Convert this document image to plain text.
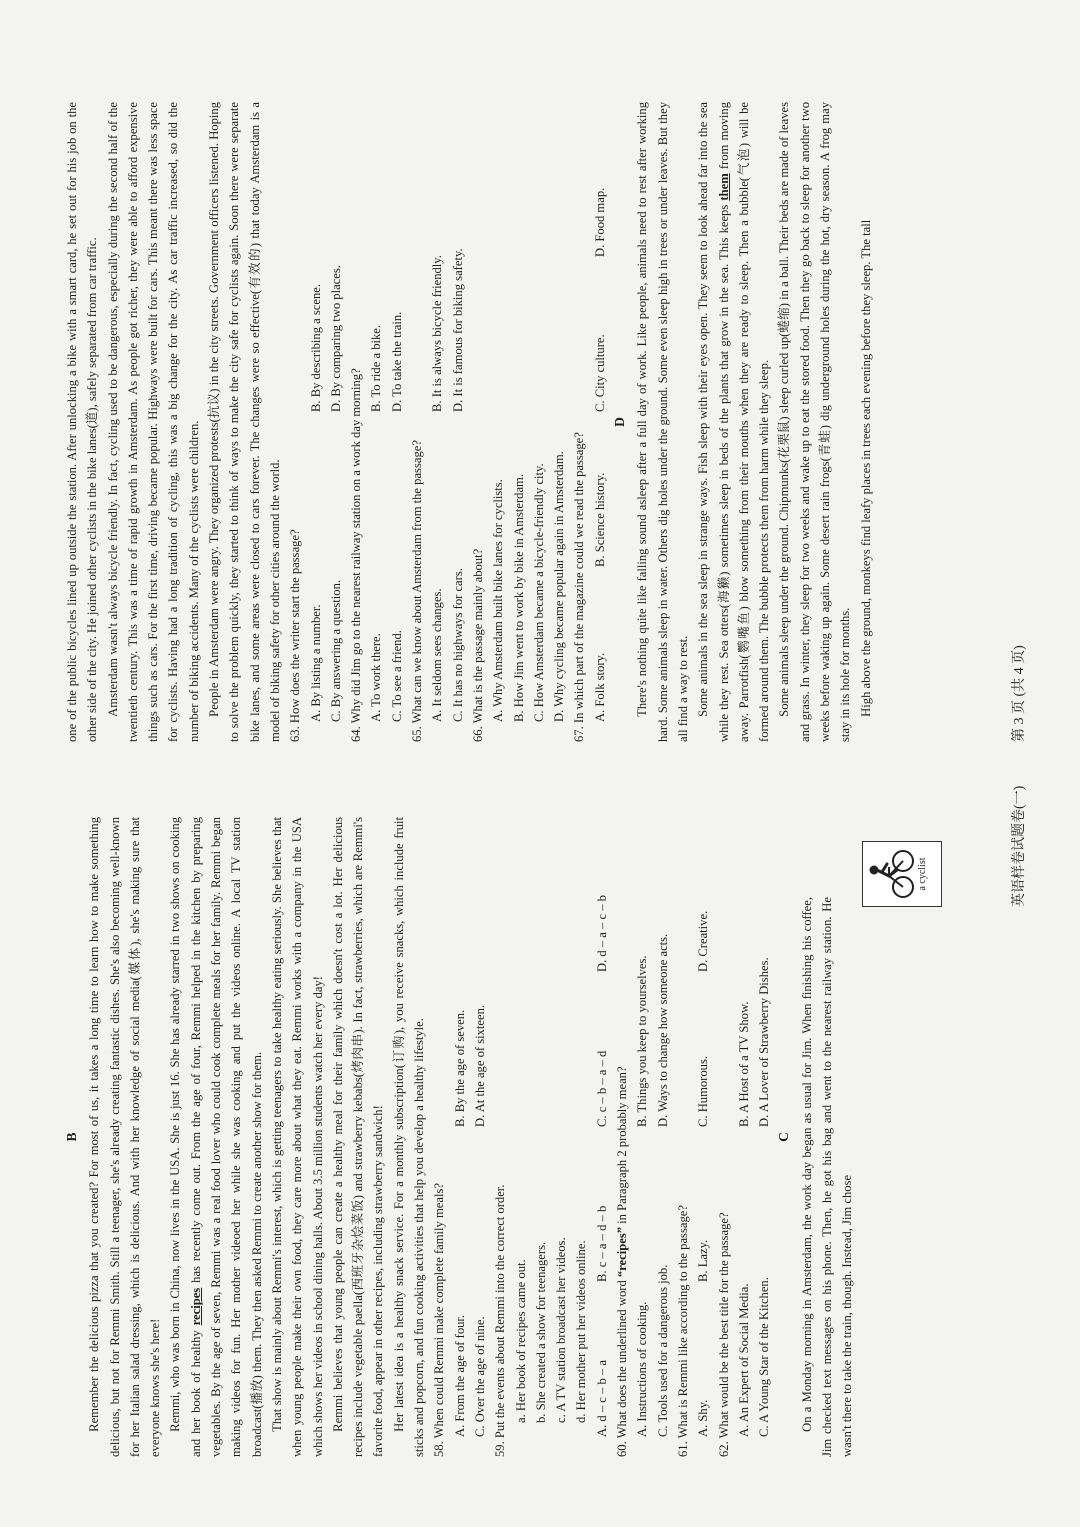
B Remember the delicious pizza that you created? For most of us, it takes a long time to learn how to make something delicious, but not for Remmi Smith. Still a teenager, she's already creating fantastic dishes. She's also becoming well-known for her Italian salad dressing, which is delicious. And with her knowledge of social media(媒体), she's making sure that everyone knows she's here! Remmi, who was born in China, now lives in the USA. She is just 16. She has already starred in two shows on cooking and her book of healthy recipes has recently come out. From the age of four, Remmi helped in the kitchen by preparing vegetables. By the age of seven, Remmi was a real food lover who could cook complete meals for her family. Remmi began making videos for fun. Her mother videoed her while she was cooking and put the videos online. A local TV station broadcast(播放) them. They then asked Remmi to create another show for them. That show is mainly about Remmi's interest, which is getting teenagers to take healthy eating seriously. She believes that when young people make their own food, they care more about what they eat. Remmi works with a company in the USA which shows her videos in school dining halls. About 3.5 million students watch her every day! Remmi believes that young people can create a healthy meal for their family which doesn't cost a lot. Her delicious recipes include vegetable paella(西班牙杂烩菜饭) and strawberry kebabs(烤肉串). In fact, strawberries, which are Remmi's favorite food, appear in other recipes, including strawberry sandwich! Her latest idea is a healthy snack service. For a monthly subscription(订购), you receive snacks, which include fruit sticks and popcorn, and fun cooking activities that help you develop a healthy lifestyle. 58. When could Remmi make complete family meals? A. From the age of four.
B. By the age of seven.
C. Over the age of nine.
D. At the age of sixteen.

59. Put the events about Remmi into the correct order. a. Her book of recipes came out. b. She created a show for teenagers. c. A TV station broadcast her videos. d. Her mother put her videos online. A. d – c – b – a
B. c – a – d – b
C. c – b – a – d
D. d – a – c – b

60. What does the underlined word “recipes” in Paragraph 2 probably mean?

A. Instructions of cooking.
B. Things you keep to yourselves.
C. Tools used for a dangerous job.
D. Ways to change how someone acts.

61. What is Remmi like according to the passage? A. Shy.
B. Lazy.
C. Humorous.
D. Creative.

62. What would be the best title for the passage? A. An Expert of Social Media.
B. A Host of a TV Show.
C. A Young Star of the Kitchen.
D. A Lover of Strawberry Dishes.
C On a Monday morning in Amsterdam, the work day began as usual for Jim. When finishing his coffee, Jim checked text messages on his phone. Then, he got his bag and went to the nearest railway station. He wasn't there to take the train, though. Instead, Jim chose

a cyclist

one of the public bicycles lined up outside the station. After unlocking a bike with a smart card, he set out for his job on the other side of the city. He joined other cyclists in the bike lanes(道), safely separated from car traffic. Amsterdam wasn't always bicycle friendly. In fact, cycling used to be dangerous, especially during the second half of the twentieth century. This was a time of rapid growth in Amsterdam. As people got richer, they were able to afford expensive things such as cars. For the first time, driving became popular. Highways were built for cars. This meant there was less space for cyclists. Having had a long tradition of cycling, this was a big change for the city. As car traffic increased, so did the number of biking accidents. Many of the cyclists were children. People in Amsterdam were angry. They organized protests(抗议) in the city streets. Government officers listened. Hoping to solve the problem quickly, they started to think of ways to make the city safe for cyclists again. Soon there were separate bike lanes, and some areas were closed to cars forever. The changes were so effective(有效的) that today Amsterdam is a model of biking safety for other cities around the world. 63. How does the writer start the passage? A. By listing a number.
B. By describing a scene.
C. By answering a question.
D. By comparing two places.

64. Why did Jim go to the nearest railway station on a work day morning? A. To work there.
B. To ride a bike.
C. To see a friend.
D. To take the train.

65. What can we know about Amsterdam from the passage? A. It seldom sees changes.
B. It is always bicycle friendly.
C. It has no highways for cars.
D. It is famous for biking safety.

66. What is the passage mainly about? A. Why Amsterdam built bike lanes for cyclists. B. How Jim went to work by bike in Amsterdam. C. How Amsterdam became a bicycle-friendly city. D. Why cycling became popular again in Amsterdam. 67. In which part of the magazine could we read the passage? A. Folk story.
B. Science history.
C. City culture.
D. Food map.
D There's nothing quite like falling sound asleep after a full day of work. Like people, animals need to rest after working hard. Some animals sleep in water. Others dig holes under the ground. Some even sleep high in trees or under leaves. But they all find a way to rest. Some animals in the sea sleep in strange ways. Fish sleep with their eyes open. They seem to look ahead far into the sea while they rest. Sea otters(海獭) sometimes sleep in beds of the plants that grow in the sea. This keeps them from moving away. Parrotfish(鹦嘴鱼) blow something from their mouths when they are ready to sleep. Then a bubble(气泡) will be formed around them. The bubble protects them from harm while they sleep. Some animals sleep under the ground. Chipmunks(花栗鼠) sleep curled up(蜷缩) in a ball. Their beds are made of leaves and grass. In winter, they sleep for two weeks and wake up to eat the stored food. Then they go back to sleep for another two weeks before waking up again. Some desert rain frogs(青蛙) dig underground holes during the hot, dry season. A frog may stay in its hole for months. High above the ground, monkeys find leafy places in trees each evening before they sleep. The tall

英语样卷试题卷(一)
第 3 页 (共 4 页)
